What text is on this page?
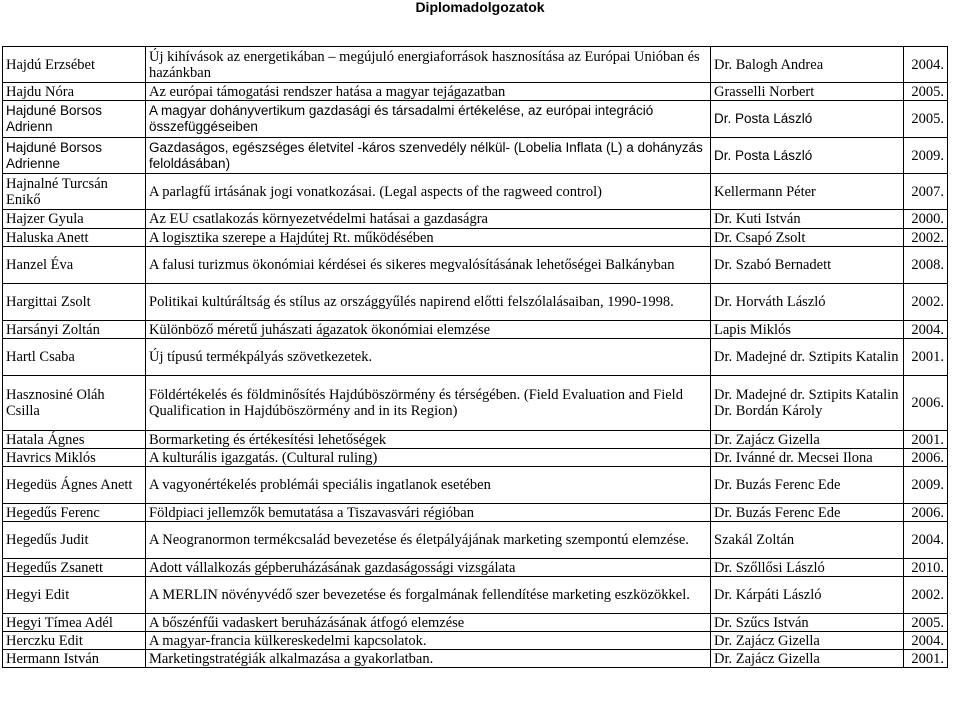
Diplomadolgozatok
Hajdú Erzsébet	Új kihívások az energetikában – megújuló energiaforrások hasznosítása az Európai Unióban és hazánkban	Dr. Balogh Andrea	2004.
Hajdu Nóra	Az európai támogatási rendszer hatása a magyar tejágazatban	Grasselli Norbert	2005.
Hajduné Borsos Adrienn	A magyar dohányvertikum gazdasági és társadalmi értékelése, az európai integráció összefüggéseiben	Dr. Posta László	2005.
Hajduné Borsos Adrienne	Gazdaságos, egészséges életvitel -káros szenvedély nélkül- (Lobelia Inflata (L) a dohányzás feloldásában)	Dr. Posta László	2009.
Hajnalné Turcsán Enikő	A parlagfű irtásának jogi vonatkozásai. (Legal aspects of the ragweed control)	Kellermann Péter	2007.
Hajzer Gyula	Az EU csatlakozás környezetvédelmi hatásai a gazdaságra	Dr. Kuti István	2000.
Haluska Anett	A logisztika szerepe a Hajdútej Rt. működésében	Dr. Csapó Zsolt	2002.
Hanzel Éva	A falusi turizmus ökonómiai kérdései és sikeres megvalósításának lehetőségei Balkányban	Dr. Szabó Bernadett	2008.
Hargittai Zsolt	Politikai kultúráltság és stílus az országgyűlés napirend előtti felszólalásaiban, 1990-1998.	Dr. Horváth László	2002.
Harsányi Zoltán	Különböző méretű juhászati ágazatok ökonómiai elemzése	Lapis Miklós	2004.
Hartl Csaba	Új típusú termékpályás szövetkezetek.	Dr. Madejné dr. Sztipits Katalin	2001.
Hasznosiné Oláh Csilla	Földértékelés és földminősítés Hajdúböszörmény és térségében. (Field Evaluation and Field Qualification in Hajdúböszörmény and in its Region)	Dr. Madejné dr. Sztipits Katalin Dr. Bordán Károly	2006.
Hatala Ágnes	Bormarketing és értékesítési lehetőségek	Dr. Zajácz Gizella	2001.
Havrics Miklós	A kulturális igazgatás. (Cultural ruling)	Dr. Ivánné dr. Mecsei Ilona	2006.
Hegedüs Ágnes Anett	A vagyonértékelés problémái speciális ingatlanok esetében	Dr. Buzás Ferenc Ede	2009.
Hegedűs Ferenc	Földpiaci jellemzők bemutatása a Tiszavasvári régióban	Dr. Buzás Ferenc Ede	2006.
Hegedűs Judit	A Neogranormon termékcsalád bevezetése és életpályájának marketing szempontú elemzése.	Szakál Zoltán	2004.
Hegedűs Zsanett	Adott vállalkozás gépberuházásának gazdaságossági vizsgálata	Dr. Szőllősi László	2010.
Hegyi Edit	A MERLIN növényvédő szer bevezetése és forgalmának fellendítése marketing eszközökkel.	Dr. Kárpáti László	2002.
Hegyi Tímea Adél	A bőszénfűi vadaskert beruházásának átfogó elemzése	Dr. Szűcs István	2005.
Herczku Edit	A magyar-francia külkereskedelmi kapcsolatok.	Dr. Zajácz Gizella	2004.
Hermann István	Marketingstratégiák alkalmazása a gyakorlatban.	Dr. Zajácz Gizella	2001.
